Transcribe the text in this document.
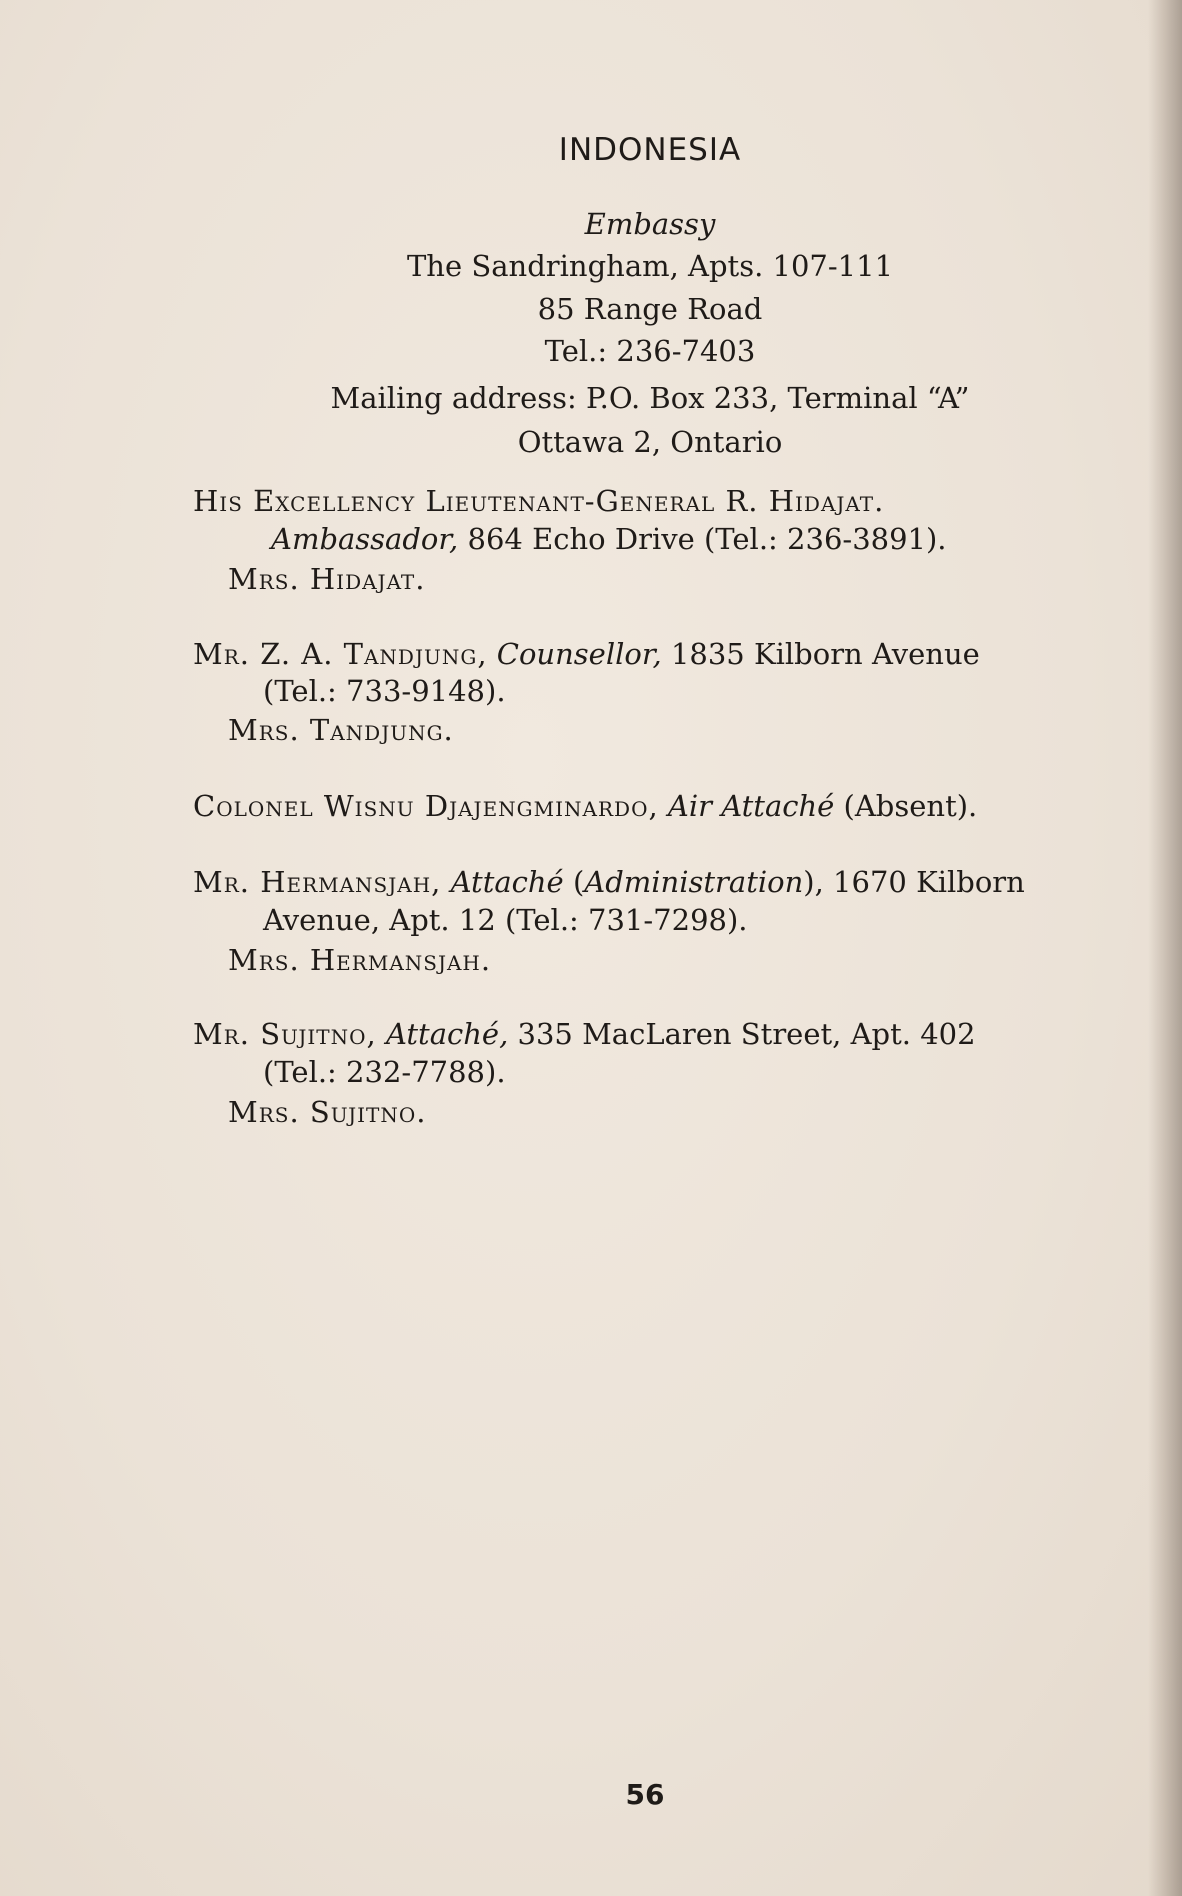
INDONESIA
Embassy
The Sandringham, Apts. 107-111
85 Range Road
Tel.: 236-7403
Mailing address: P.O. Box 233, Terminal “A”
Ottawa 2, Ontario
His Excellency Lieutenant-General R. Hidajat.
Ambassador, 864 Echo Drive (Tel.: 236-3891).
Mrs. Hidajat.
Mr. Z. A. Tandjung, Counsellor, 1835 Kilborn Avenue
(Tel.: 733-9148).
Mrs. Tandjung.
Colonel Wisnu Djajengminardo, Air Attaché (Absent).
Mr. Hermansjah, Attaché (Administration), 1670 Kilborn
Avenue, Apt. 12 (Tel.: 731-7298).
Mrs. Hermansjah.
Mr. Sujitno, Attaché, 335 MacLaren Street, Apt. 402
(Tel.: 232-7788).
Mrs. Sujitno.
56
